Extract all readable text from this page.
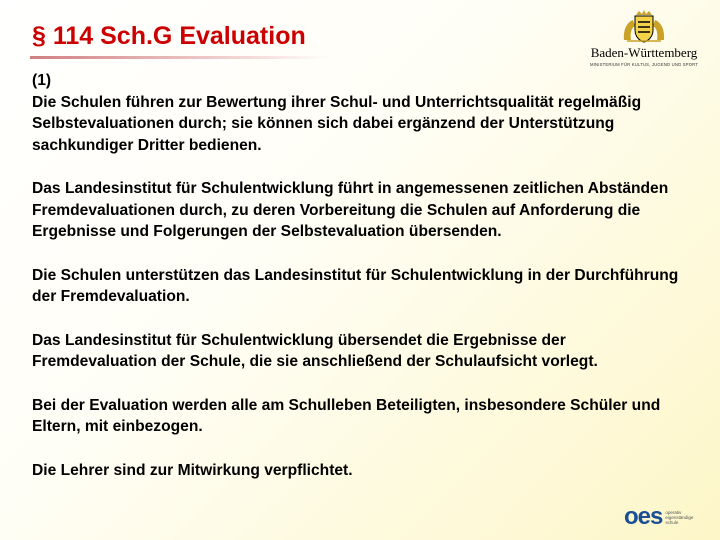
§ 114 Sch.G Evaluation
Baden-Württemberg
MINISTERIUM FÜR KULTUS, JUGEND UND SPORT

(1)
Die Schulen führen zur Bewertung ihrer Schul- und Unterrichtsqualität regelmäßig Selbstevaluationen durch; sie können sich dabei ergänzend der Unterstützung sachkundiger Dritter bedienen.

Das Landesinstitut für Schulentwicklung führt in angemessenen zeitlichen Abständen Fremdevaluationen durch, zu deren Vorbereitung die Schulen auf Anforderung die Ergebnisse und Folgerungen der Selbstevaluation übersenden.

Die Schulen unterstützen das Landesinstitut für Schulentwicklung in der Durchführung der Fremdevaluation.

Das Landesinstitut für Schulentwicklung übersendet die Ergebnisse der Fremdevaluation der Schule, die sie anschließend der Schulaufsicht vorlegt.

Bei der Evaluation werden alle am Schulleben Beteiligten, insbesondere Schüler und Eltern, mit einbezogen.

Die Lehrer sind zur Mitwirkung verpflichtet.

oes operativ
eigenständige
schule
